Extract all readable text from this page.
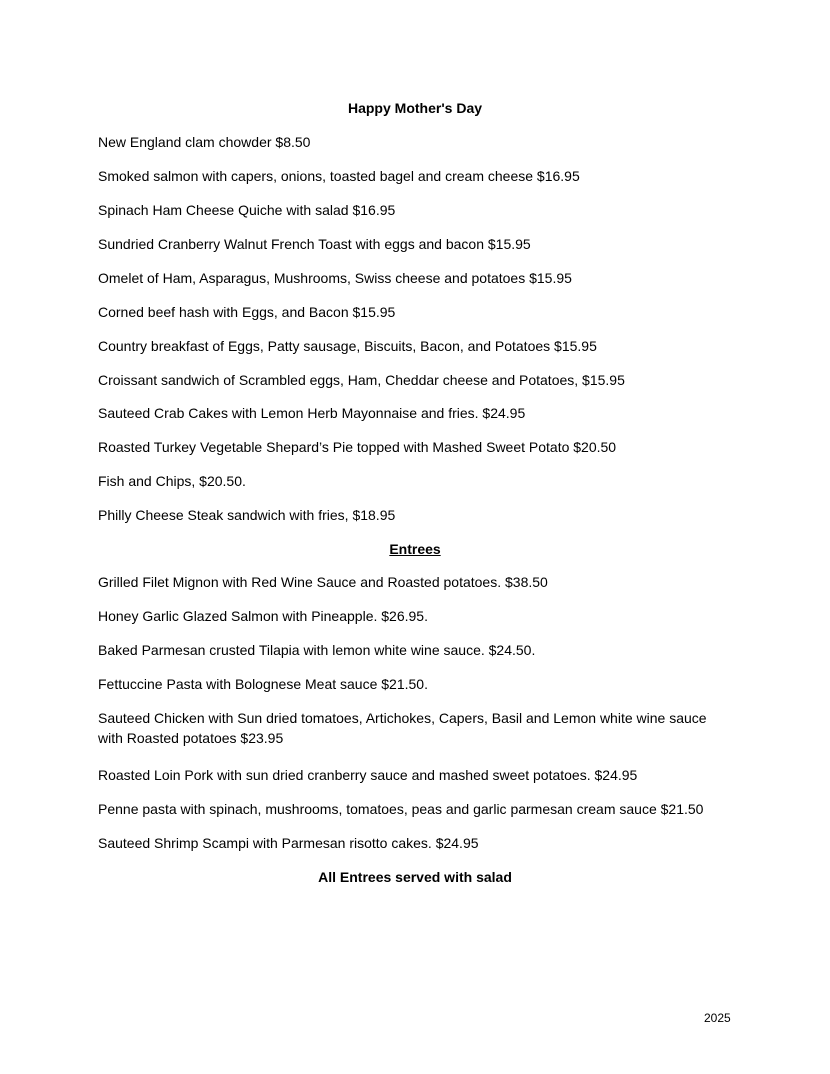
Happy Mother's Day
New England clam chowder $8.50
Smoked salmon with capers, onions, toasted bagel and cream cheese $16.95
Spinach Ham Cheese Quiche with salad $16.95
Sundried Cranberry Walnut French Toast with eggs and bacon $15.95
Omelet of Ham, Asparagus, Mushrooms, Swiss cheese and potatoes $15.95
Corned beef hash with Eggs, and Bacon $15.95
Country breakfast of Eggs, Patty sausage, Biscuits, Bacon, and Potatoes $15.95
Croissant sandwich of Scrambled eggs, Ham, Cheddar cheese and Potatoes, $15.95
Sauteed Crab Cakes with Lemon Herb Mayonnaise and fries. $24.95
Roasted Turkey Vegetable Shepard’s Pie topped with Mashed Sweet Potato $20.50
Fish and Chips, $20.50.
Philly Cheese Steak sandwich with fries, $18.95
Entrees
Grilled Filet Mignon with Red Wine Sauce and Roasted potatoes. $38.50
Honey Garlic Glazed Salmon with Pineapple. $26.95.
Baked Parmesan crusted Tilapia with lemon white wine sauce. $24.50.
Fettuccine Pasta with Bolognese Meat sauce $21.50.
Sauteed Chicken with Sun dried tomatoes, Artichokes, Capers, Basil and Lemon white wine sauce with Roasted potatoes $23.95
Roasted Loin Pork with sun dried cranberry sauce and mashed sweet potatoes. $24.95
Penne pasta with spinach, mushrooms, tomatoes, peas and garlic parmesan cream sauce $21.50
Sauteed Shrimp Scampi with Parmesan risotto cakes. $24.95
All Entrees served with salad
2025
